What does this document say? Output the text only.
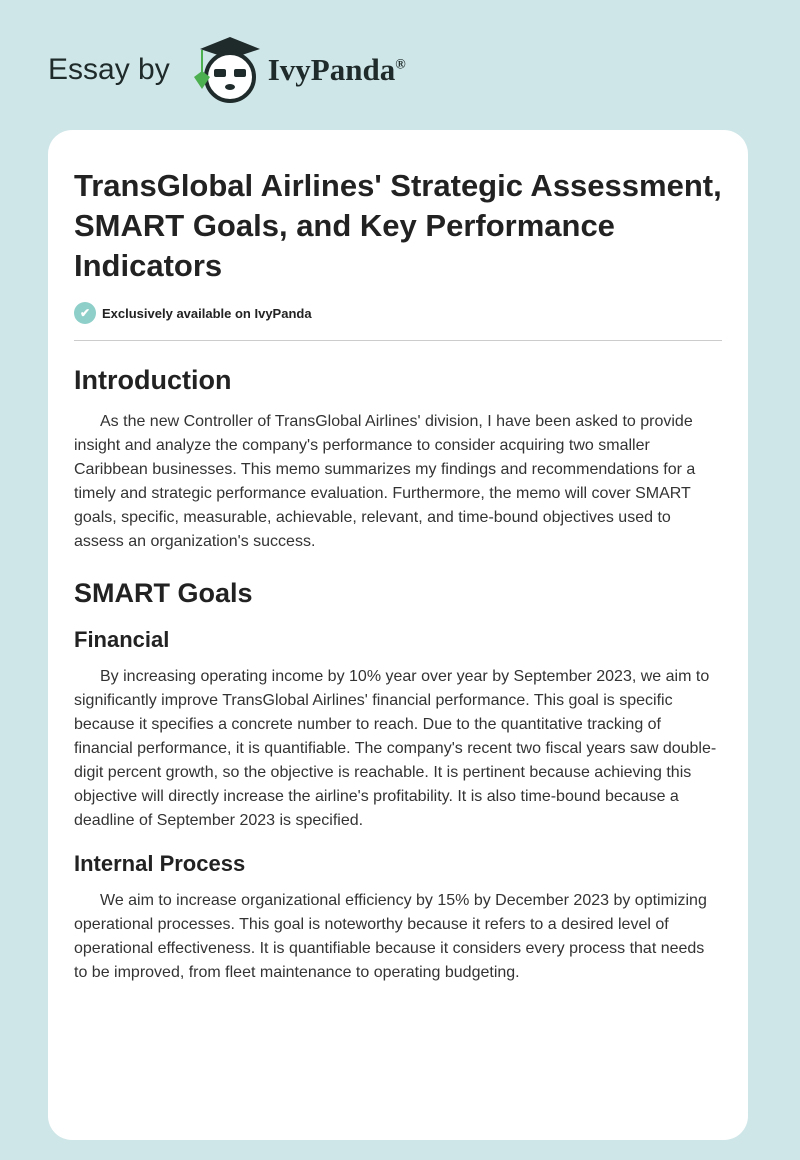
Essay by	IvyPanda®
TransGlobal Airlines' Strategic Assessment, SMART Goals, and Key Performance Indicators
✔ Exclusively available on IvyPanda
Introduction

As the new Controller of TransGlobal Airlines' division, I have been asked to provide insight and analyze the company's performance to consider acquiring two smaller Caribbean businesses. This memo summarizes my findings and recommendations for a timely and strategic performance evaluation. Furthermore, the memo will cover SMART goals, specific, measurable, achievable, relevant, and time-bound objectives used to assess an organization's success.

SMART Goals
Financial

By increasing operating income by 10% year over year by September 2023, we aim to significantly improve TransGlobal Airlines' financial performance. This goal is specific because it specifies a concrete number to reach. Due to the quantitative tracking of financial performance, it is quantifiable. The company's recent two fiscal years saw double-digit percent growth, so the objective is reachable. It is pertinent because achieving this objective will directly increase the airline's profitability. It is also time-bound because a deadline of September 2023 is specified.

Internal Process

We aim to increase organizational efficiency by 15% by December 2023 by optimizing operational processes. This goal is noteworthy because it refers to a desired level of operational effectiveness. It is quantifiable because it considers every process that needs to be improved, from fleet maintenance to operating budgeting.
